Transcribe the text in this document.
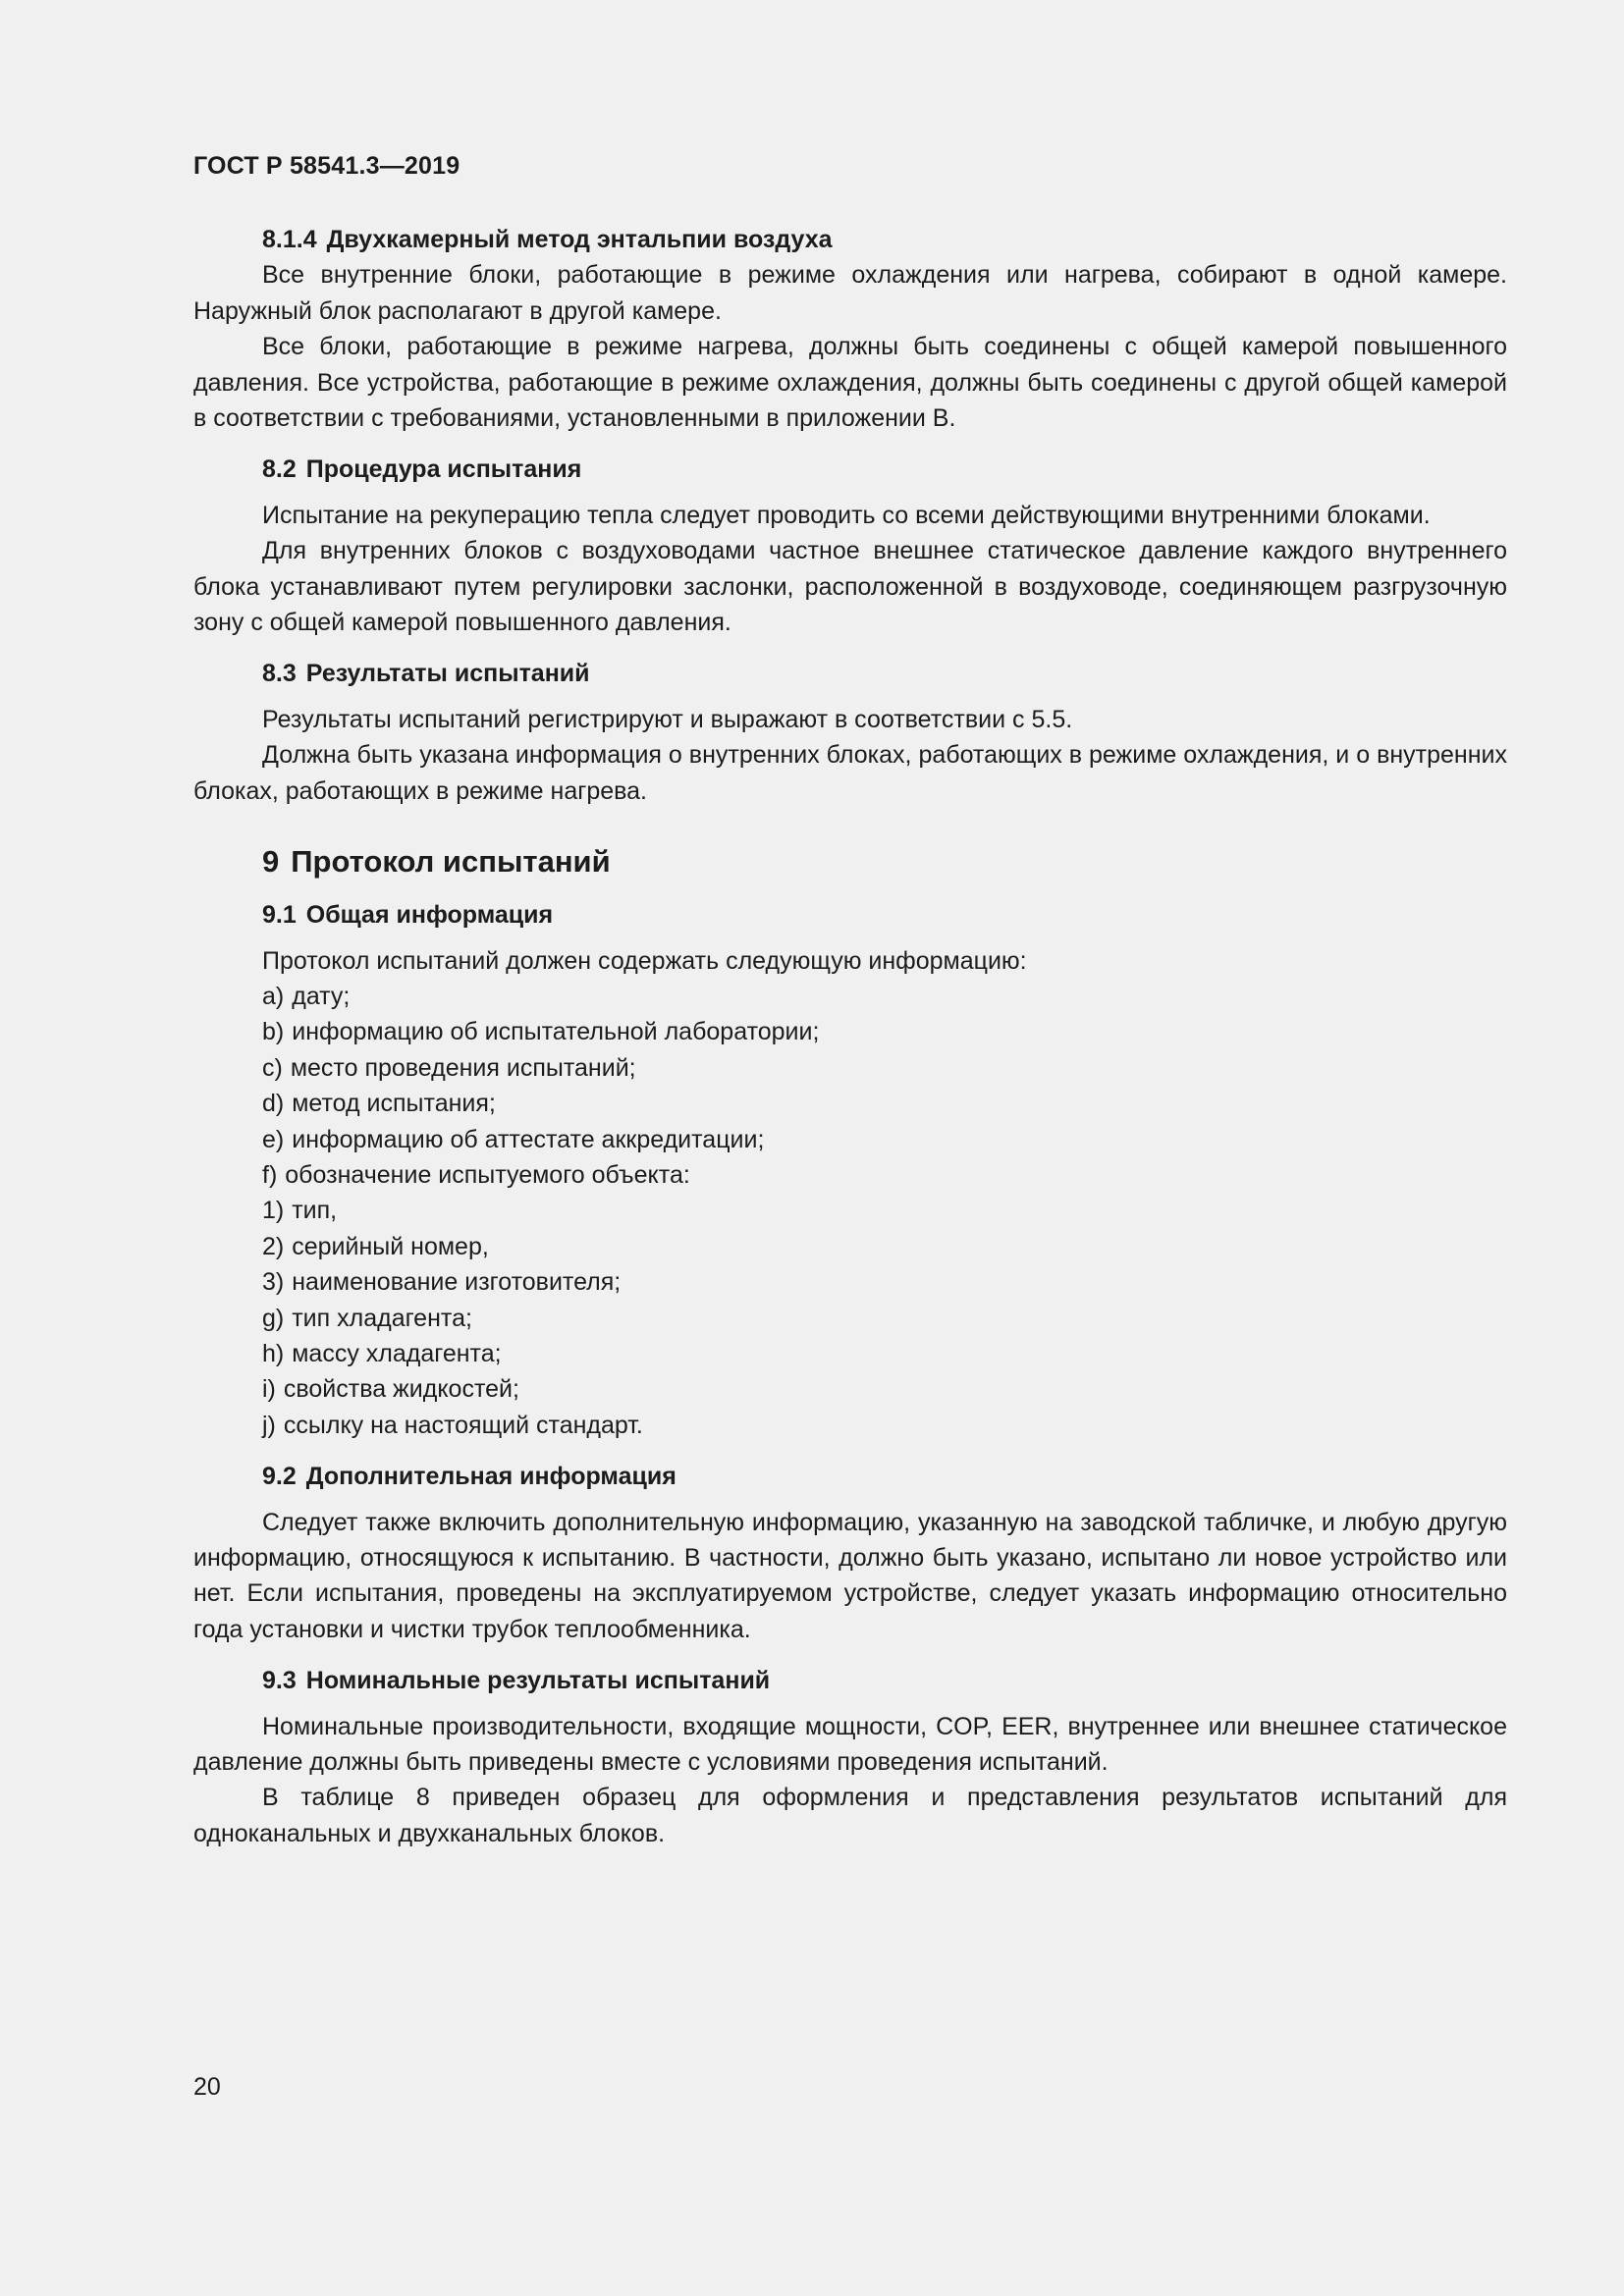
ГОСТ Р 58541.3—2019
8.1.4 Двухкамерный метод энтальпии воздуха

Все внутренние блоки, работающие в режиме охлаждения или нагрева, собирают в одной камере. Наружный блок располагают в другой камере.

Все блоки, работающие в режиме нагрева, должны быть соединены с общей камерой повышенного давления. Все устройства, работающие в режиме охлаждения, должны быть соединены с другой общей камерой в соответствии с требованиями, установленными в приложении В.

8.2 Процедура испытания

Испытание на рекуперацию тепла следует проводить со всеми действующими внутренними блоками.

Для внутренних блоков с воздуховодами частное внешнее статическое давление каждого внутреннего блока устанавливают путем регулировки заслонки, расположенной в воздуховоде, соединяющем разгрузочную зону с общей камерой повышенного давления.

8.3 Результаты испытаний

Результаты испытаний регистрируют и выражают в соответствии с 5.5.

Должна быть указана информация о внутренних блоках, работающих в режиме охлаждения, и о внутренних блоках, работающих в режиме нагрева.

9 Протокол испытаний
9.1 Общая информация

Протокол испытаний должен содержать следующую информацию:

a) дату;
b) информацию об испытательной лаборатории;
c) место проведения испытаний;
d) метод испытания;
e) информацию об аттестате аккредитации;
f) обозначение испытуемого объекта:
1) тип,
2) серийный номер,
3) наименование изготовителя;
g) тип хладагента;
h) массу хладагента;
i) свойства жидкостей;
j) ссылку на настоящий стандарт.
9.2 Дополнительная информация

Следует также включить дополнительную информацию, указанную на заводской табличке, и любую другую информацию, относящуюся к испытанию. В частности, должно быть указано, испытано ли новое устройство или нет. Если испытания, проведены на эксплуатируемом устройстве, следует указать информацию относительно года установки и чистки трубок теплообменника.

9.3 Номинальные результаты испытаний

Номинальные производительности, входящие мощности, COP, EER, внутреннее или внешнее статическое давление должны быть приведены вместе с условиями проведения испытаний.

В таблице 8 приведен образец для оформления и представления результатов испытаний для одноканальных и двухканальных блоков.

20
